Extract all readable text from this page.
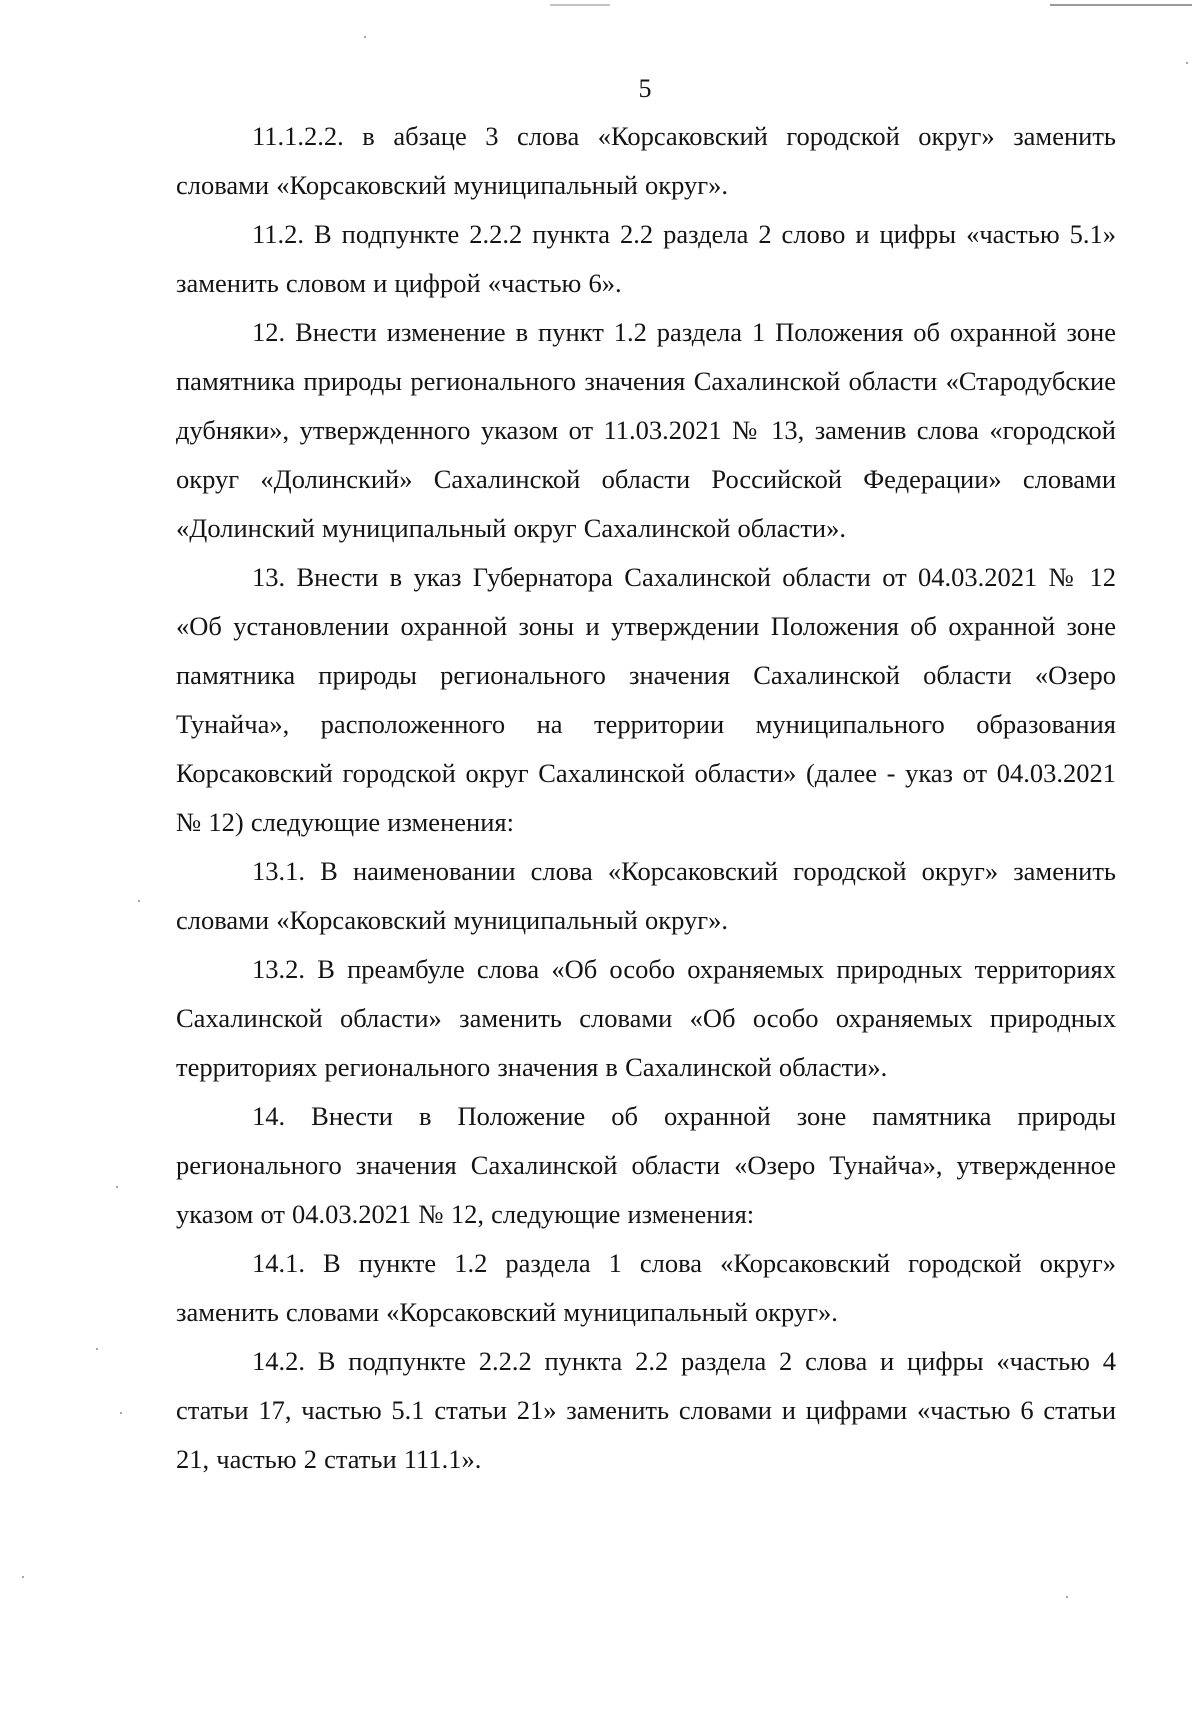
5

11.1.2.2. в абзаце 3 слова «Корсаковский городской округ» заменить словами «Корсаковский муниципальный округ».

11.2. В подпункте 2.2.2 пункта 2.2 раздела 2 слово и цифры «частью 5.1» заменить словом и цифрой «частью 6».

12. Внести изменение в пункт 1.2 раздела 1 Положения об охранной зоне памятника природы регионального значения Сахалинской области «Стародубские дубняки», утвержденного указом от 11.03.2021 № 13, заменив слова «городской округ «Долинский» Сахалинской области Российской Федерации» словами «Долинский муниципальный округ Сахалинской области».

13. Внести в указ Губернатора Сахалинской области от 04.03.2021 № 12 «Об установлении охранной зоны и утверждении Положения об охранной зоне памятника природы регионального значения Сахалинской области «Озеро Тунайча», расположенного на территории муниципального образования Корсаковский городской округ Сахалинской области» (далее - указ от 04.03.2021 № 12) следующие изменения:

13.1. В наименовании слова «Корсаковский городской округ» заменить словами «Корсаковский муниципальный округ».

13.2. В преамбуле слова «Об особо охраняемых природных территориях Сахалинской области» заменить словами «Об особо охраняемых природных территориях регионального значения в Сахалинской области».

14. Внести в Положение об охранной зоне памятника природы регионального значения Сахалинской области «Озеро Тунайча», утвержденное указом от 04.03.2021 № 12, следующие изменения:

14.1. В пункте 1.2 раздела 1 слова «Корсаковский городской округ» заменить словами «Корсаковский муниципальный округ».

14.2. В подпункте 2.2.2 пункта 2.2 раздела 2 слова и цифры «частью 4 статьи 17, частью 5.1 статьи 21» заменить словами и цифрами «частью 6 статьи 21, частью 2 статьи 111.1».
